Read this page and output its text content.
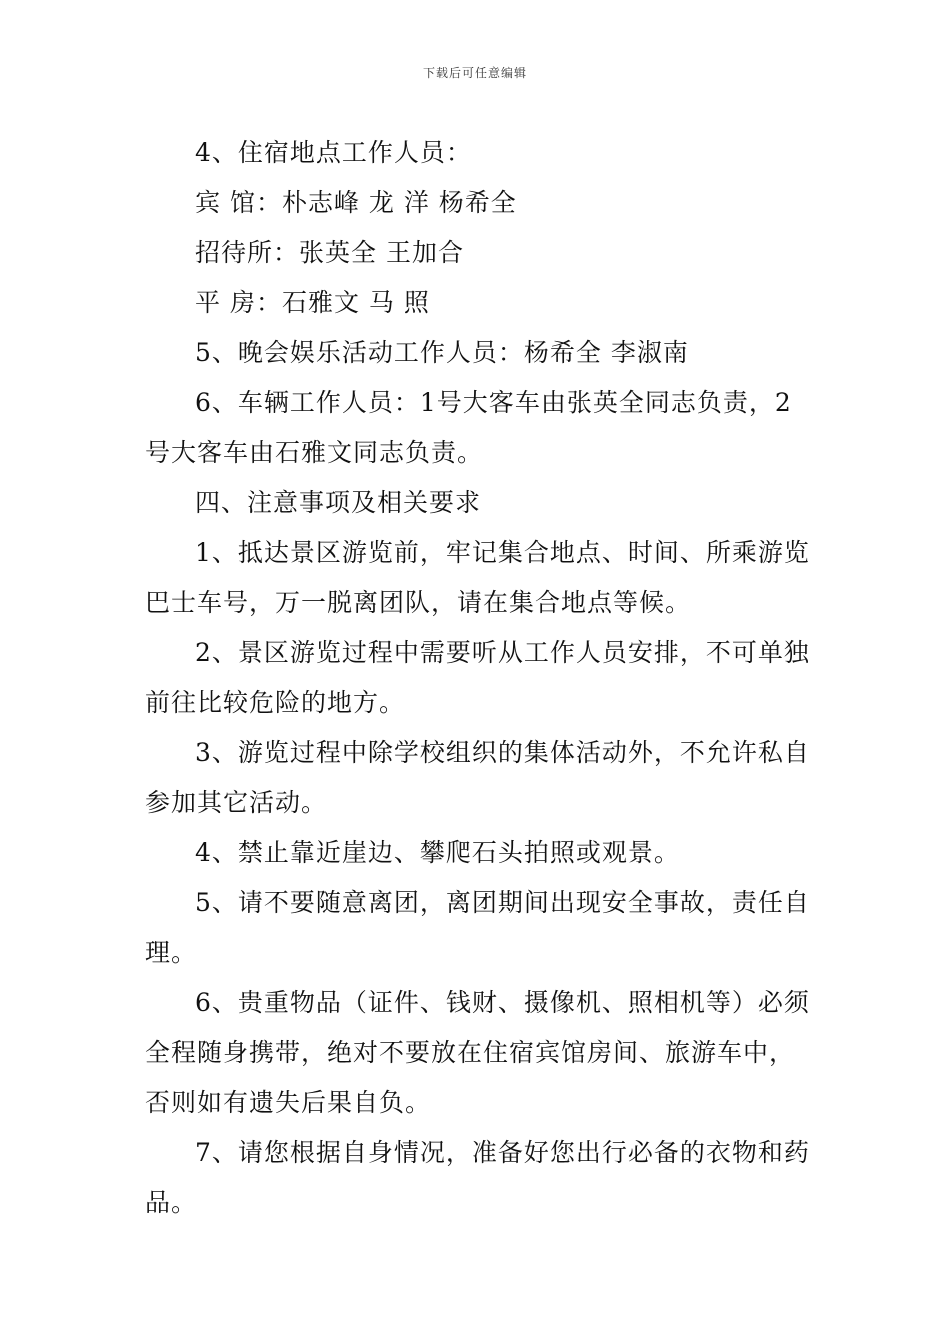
下载后可任意编辑

4、住宿地点工作人员：

宾 馆：朴志峰 龙 洋 杨希全

招待所：张英全 王加合

平 房：石雅文 马 照

5、晚会娱乐活动工作人员：杨希全 李淑南

6、车辆工作人员：1号大客车由张英全同志负责，2号大客车由石雅文同志负责。

四、注意事项及相关要求

1、抵达景区游览前，牢记集合地点、时间、所乘游览巴士车号，万一脱离团队，请在集合地点等候。

2、景区游览过程中需要听从工作人员安排，不可单独前往比较危险的地方。

3、游览过程中除学校组织的集体活动外，不允许私自参加其它活动。

4、禁止靠近崖边、攀爬石头拍照或观景。

5、请不要随意离团，离团期间出现安全事故，责任自理。

6、贵重物品（证件、钱财、摄像机、照相机等）必须全程随身携带，绝对不要放在住宿宾馆房间、旅游车中，否则如有遗失后果自负。

7、请您根据自身情况，准备好您出行必备的衣物和药品。
